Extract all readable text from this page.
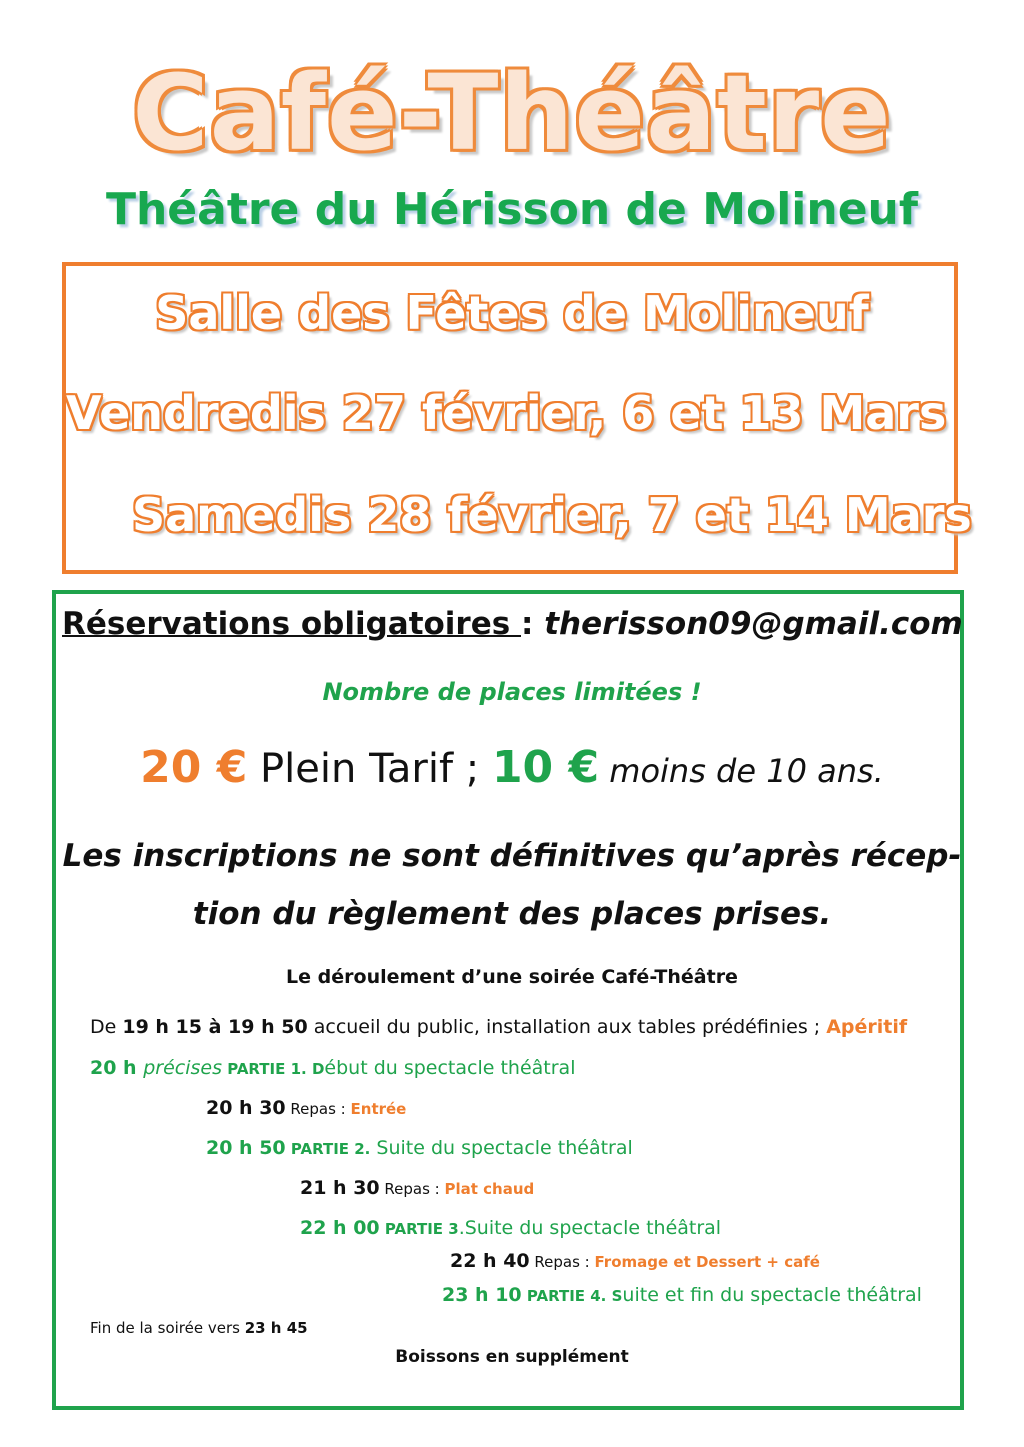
Café-Théâtre
Théâtre du Hérisson de Molineuf
Salle des Fêtes de Molineuf
Vendredis 27 février, 6 et 13 Mars
Samedis 28 février, 7 et 14 Mars
Réservations obligatoires : therisson09@gmail.com
Nombre de places limitées !
20 € Plein Tarif ; 10 € moins de 10 ans.
Les inscriptions ne sont définitives qu’après récep-
tion du règlement des places prises.
Le déroulement d’une soirée Café-Théâtre
De 19 h 15 à 19 h 50 accueil du public, installation aux tables prédéfinies ; Apéritif
20 h précises PARTIE 1. Début du spectacle théâtral
20 h 30 Repas : Entrée
20 h 50 PARTIE 2. Suite du spectacle théâtral
21 h 30 Repas : Plat chaud
22 h 00 PARTIE 3.Suite du spectacle théâtral
22 h 40 Repas : Fromage et Dessert + café
23 h 10 PARTIE 4. Suite et fin du spectacle théâtral
Fin de la soirée vers 23 h 45
Boissons en supplément
